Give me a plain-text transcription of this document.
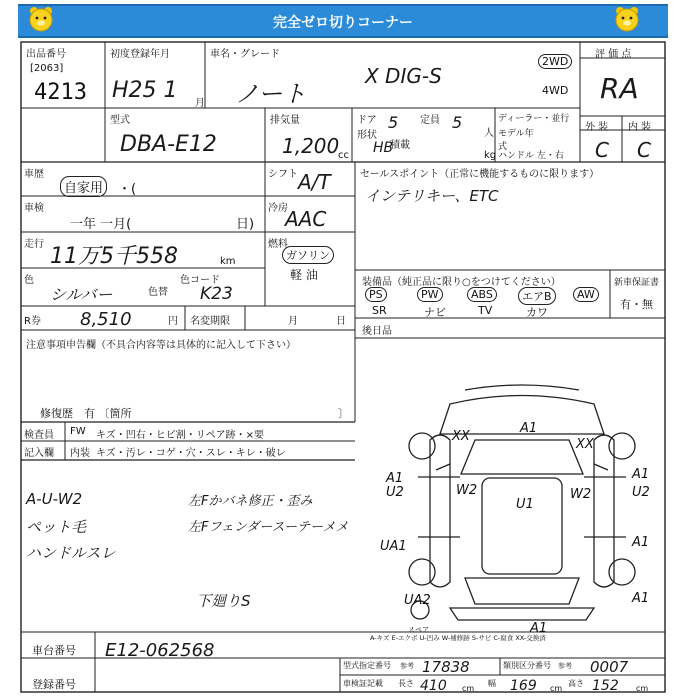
完全ゼロ切りコーナー
出品番号
[2063]
4213
初度登録年月
H25 1
月
車名・グレード
ノート
X DIG-S
2WD
4WD
評 価 点
RA
外 装 内 装
C C
型式
DBA-E12
排気量
1,200
cc
ドア 5
形状
HB
積載
定員 5
人
kg
ディーラー・並行
モデル年式
ハンドル 左・右
車歴
自家用	・(
車検
一年 一月(	日)
シフト A/T
冷房
AAC
燃料
ガソリン
軽 油
走行 11万5千558	km
色
シルバー	色替
色コード
K23
R券 8,510	円 名変期限	月	日
セールスポイント（正常に機能するものに限ります）
インテリキー、ETC
装備品（純正品に限り○をつけてください）
PS	PW	ABS	エアB	AW
SR	ナビ	TV	カワ
新車保証書
有・無
後日品
注意事項申告欄（不具合内容等は具体的に記入して下さい）
修復歴　有 〔箇所	〕
検査員
記入欄
FW キズ・凹右・ヒビ割・リペア跡・×要
内装 キズ・汚レ・コゲ・穴・スレ・キレ・破レ
A-U-W2
ペット毛
ハンドルスレ
左Fかバネ修正・歪み
左Fフェンダースーテーメメ
下廻りS
A1
XX
XX
A1
U2	W2
U1
W2
A1
U2
UA1	A1
UA2	A1
A1
スペア
A-キズ E-エクボ U-凹み W-補修跡 S-サビ C-腐食 XX-交換済
車台番号 E12-062568
登録番号
型式指定番号 参考 17838	類別区分番号 参考 0007
車検証記載 長さ 410 cm
幅 169 cm
高さ 152 cm
